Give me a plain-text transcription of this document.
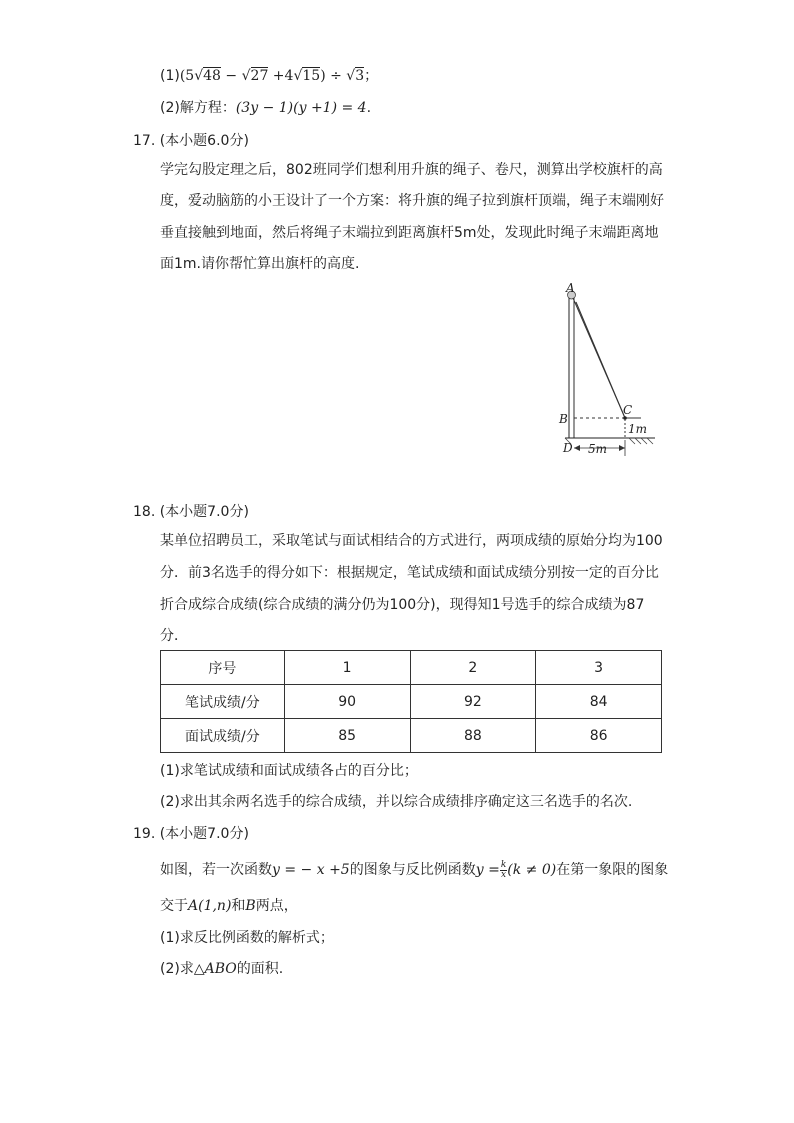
(1)(5√48 − √27 +4√15) ÷ √3；
(2)解方程：(3y − 1)(y +1) = 4.
17. (本小题6.0分)
学完勾股定理之后，802班同学们想利用升旗的绳子、卷尺，测算出学校旗杆的高
度，爱动脑筋的小王设计了一个方案：将升旗的绳子拉到旗杆顶端，绳子末端刚好
垂直接触到地面，然后将绳子末端拉到距离旗杆5m处，发现此时绳子末端距离地
面1m.请你帮忙算出旗杆的高度.
A
B
C
D
1m
5m
18. (本小题7.0分)
某单位招聘员工，采取笔试与面试相结合的方式进行，两项成绩的原始分均为100
分．前3名选手的得分如下：根据规定，笔试成绩和面试成绩分别按一定的百分比
折合成综合成绩(综合成绩的满分仍为100分)，现得知1号选手的综合成绩为87
分．
序号	1	2	3
笔试成绩/分	90	92	84
面试成绩/分	85	88	86
(1)求笔试成绩和面试成绩各占的百分比；
(2)求出其余两名选手的综合成绩，并以综合成绩排序确定这三名选手的名次.
19. (本小题7.0分)
如图，若一次函数y = − x +5的图象与反比例函数$y = \frac{k}{x} (k \ne 0)$在第一象限的图象
交于A(1,n)和B两点，
(1)求反比例函数的解析式；
(2)求△ABO的面积.
